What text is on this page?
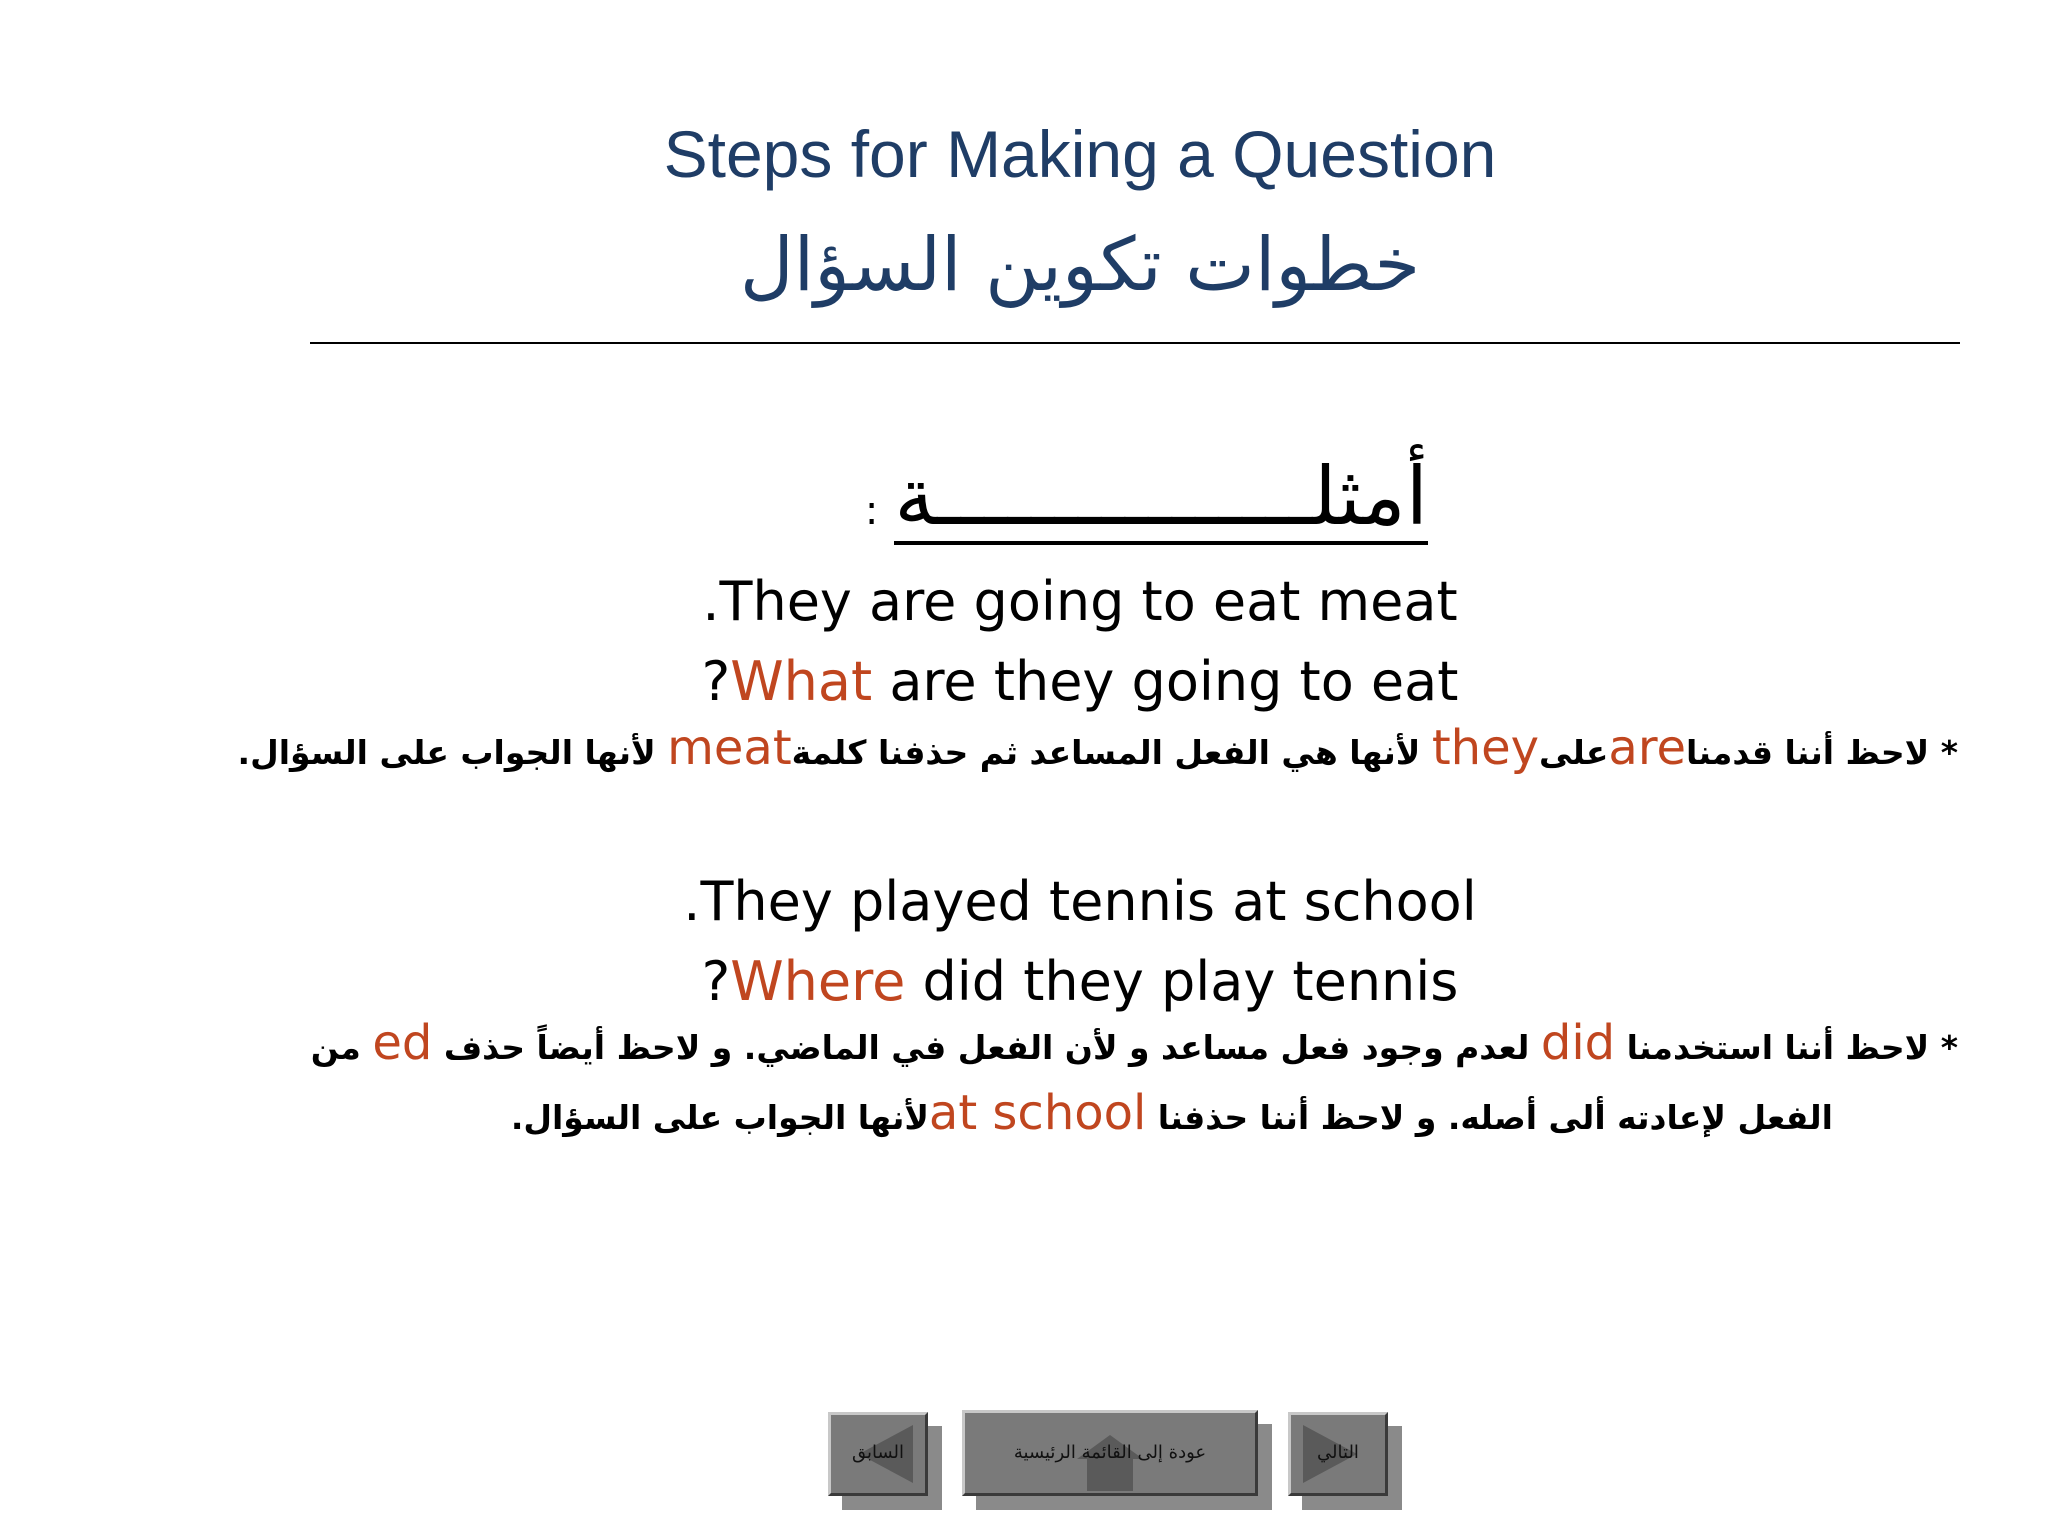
Steps for Making a Question
خطوات تكوين السؤال
أمثلــــــــــــــــة:
.They are going to eat meat
?What are they going to eat
* لاحظ أننا قدمناareعلىthey لأنها هي الفعل المساعد ثم حذفنا كلمةmeat لأنها الجواب على السؤال.
.They played tennis at school
?Where did they play tennis
* لاحظ أننا استخدمنا did لعدم وجود فعل مساعد و لأن الفعل في الماضي. و لاحظ أيضاً حذف ed من
الفعل لإعادته ألى أصله. و لاحظ أننا حذفنا at schoolلأنها الجواب على السؤال.
السابق	عودة إلى القائمة الرئيسية	التالي
